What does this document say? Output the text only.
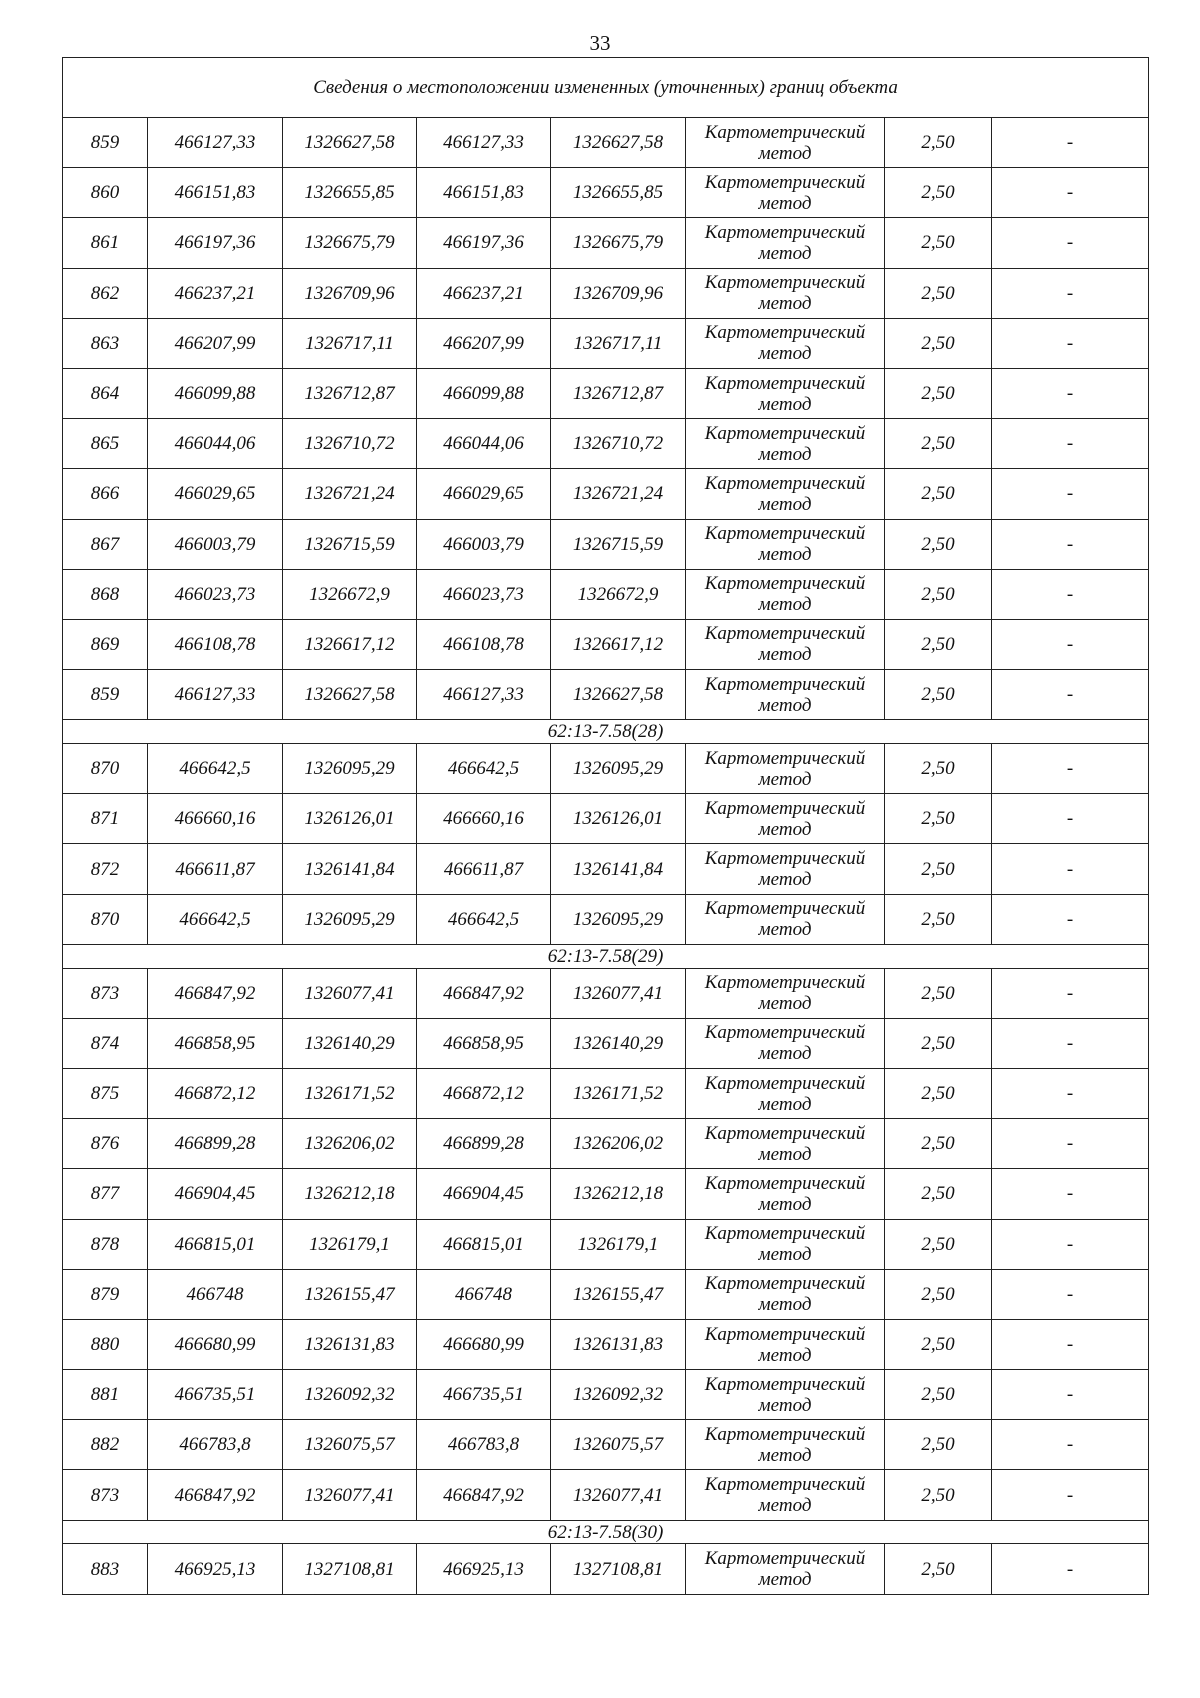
33
Сведения о местоположении измененных (уточненных) границ объекта							
859	466127,33	1326627,58	466127,33	1326627,58	Картометрический метод	2,50	-
860	466151,83	1326655,85	466151,83	1326655,85	Картометрический метод	2,50	-
861	466197,36	1326675,79	466197,36	1326675,79	Картометрический метод	2,50	-
862	466237,21	1326709,96	466237,21	1326709,96	Картометрический метод	2,50	-
863	466207,99	1326717,11	466207,99	1326717,11	Картометрический метод	2,50	-
864	466099,88	1326712,87	466099,88	1326712,87	Картометрический метод	2,50	-
865	466044,06	1326710,72	466044,06	1326710,72	Картометрический метод	2,50	-
866	466029,65	1326721,24	466029,65	1326721,24	Картометрический метод	2,50	-
867	466003,79	1326715,59	466003,79	1326715,59	Картометрический метод	2,50	-
868	466023,73	1326672,9	466023,73	1326672,9	Картометрический метод	2,50	-
869	466108,78	1326617,12	466108,78	1326617,12	Картометрический метод	2,50	-
859	466127,33	1326627,58	466127,33	1326627,58	Картометрический метод	2,50	-
62:13-7.58(28)							
870	466642,5	1326095,29	466642,5	1326095,29	Картометрический метод	2,50	-
871	466660,16	1326126,01	466660,16	1326126,01	Картометрический метод	2,50	-
872	466611,87	1326141,84	466611,87	1326141,84	Картометрический метод	2,50	-
870	466642,5	1326095,29	466642,5	1326095,29	Картометрический метод	2,50	-
62:13-7.58(29)							
873	466847,92	1326077,41	466847,92	1326077,41	Картометрический метод	2,50	-
874	466858,95	1326140,29	466858,95	1326140,29	Картометрический метод	2,50	-
875	466872,12	1326171,52	466872,12	1326171,52	Картометрический метод	2,50	-
876	466899,28	1326206,02	466899,28	1326206,02	Картометрический метод	2,50	-
877	466904,45	1326212,18	466904,45	1326212,18	Картометрический метод	2,50	-
878	466815,01	1326179,1	466815,01	1326179,1	Картометрический метод	2,50	-
879	466748	1326155,47	466748	1326155,47	Картометрический метод	2,50	-
880	466680,99	1326131,83	466680,99	1326131,83	Картометрический метод	2,50	-
881	466735,51	1326092,32	466735,51	1326092,32	Картометрический метод	2,50	-
882	466783,8	1326075,57	466783,8	1326075,57	Картометрический метод	2,50	-
873	466847,92	1326077,41	466847,92	1326077,41	Картометрический метод	2,50	-
62:13-7.58(30)							
883	466925,13	1327108,81	466925,13	1327108,81	Картометрический метод	2,50	-
